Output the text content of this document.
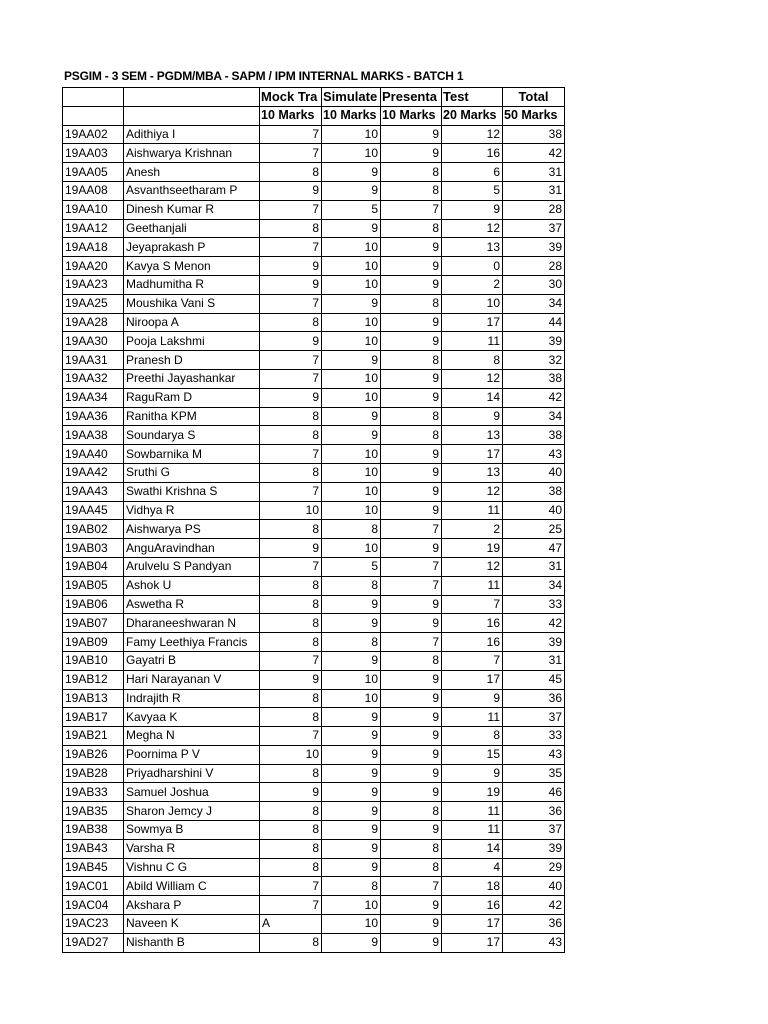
PSGIM - 3 SEM - PGDM/MBA - SAPM / IPM INTERNAL MARKS - BATCH 1
		Mock Tra	Simulate	Presenta	Test	Total
		10 Marks	10 Marks	10 Marks	20 Marks	50 Marks
19AA02	Adithiya I	7	10	9	12	38
19AA03	Aishwarya Krishnan	7	10	9	16	42
19AA05	Anesh	8	9	8	6	31
19AA08	Asvanthseetharam P	9	9	8	5	31
19AA10	Dinesh Kumar R	7	5	7	9	28
19AA12	Geethanjali	8	9	8	12	37
19AA18	Jeyaprakash P	7	10	9	13	39
19AA20	Kavya S Menon	9	10	9	0	28
19AA23	Madhumitha R	9	10	9	2	30
19AA25	Moushika Vani S	7	9	8	10	34
19AA28	Niroopa A	8	10	9	17	44
19AA30	Pooja Lakshmi	9	10	9	11	39
19AA31	Pranesh D	7	9	8	8	32
19AA32	Preethi Jayashankar	7	10	9	12	38
19AA34	RaguRam D	9	10	9	14	42
19AA36	Ranitha KPM	8	9	8	9	34
19AA38	Soundarya S	8	9	8	13	38
19AA40	Sowbarnika M	7	10	9	17	43
19AA42	Sruthi G	8	10	9	13	40
19AA43	Swathi Krishna S	7	10	9	12	38
19AA45	Vidhya R	10	10	9	11	40
19AB02	Aishwarya PS	8	8	7	2	25
19AB03	AnguAravindhan	9	10	9	19	47
19AB04	Arulvelu S Pandyan	7	5	7	12	31
19AB05	Ashok U	8	8	7	11	34
19AB06	Aswetha R	8	9	9	7	33
19AB07	Dharaneeshwaran N	8	9	9	16	42
19AB09	Famy Leethiya Francis	8	8	7	16	39
19AB10	Gayatri B	7	9	8	7	31
19AB12	Hari Narayanan V	9	10	9	17	45
19AB13	Indrajith R	8	10	9	9	36
19AB17	Kavyaa K	8	9	9	11	37
19AB21	Megha N	7	9	9	8	33
19AB26	Poornima P V	10	9	9	15	43
19AB28	Priyadharshini V	8	9	9	9	35
19AB33	Samuel Joshua	9	9	9	19	46
19AB35	Sharon Jemcy J	8	9	8	11	36
19AB38	Sowmya B	8	9	9	11	37
19AB43	Varsha R	8	9	8	14	39
19AB45	Vishnu C G	8	9	8	4	29
19AC01	Abild William C	7	8	7	18	40
19AC04	Akshara P	7	10	9	16	42
19AC23	Naveen K	A	10	9	17	36
19AD27	Nishanth B	8	9	9	17	43
